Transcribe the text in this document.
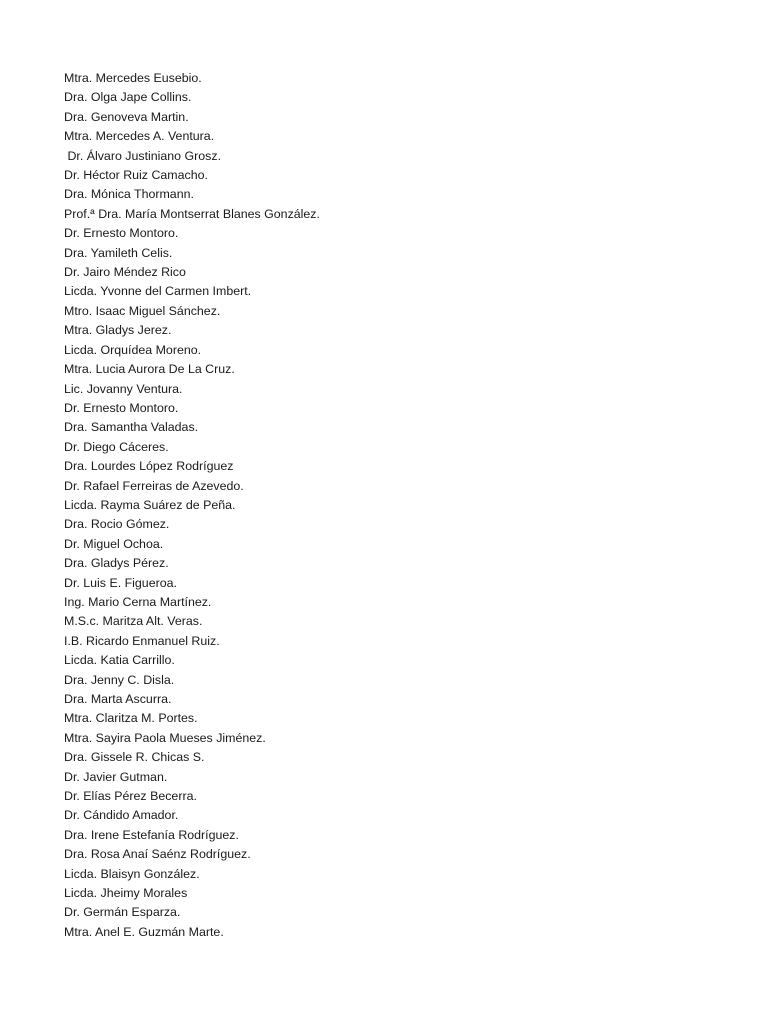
Mtra. Mercedes Eusebio.
Dra. Olga Jape Collins.
Dra. Genoveva Martin.
Mtra. Mercedes A. Ventura.
Dr. Álvaro Justiniano Grosz.
Dr. Héctor Ruiz Camacho.
Dra. Mónica Thormann.
Prof.ª Dra. María Montserrat Blanes González.
Dr. Ernesto Montoro.
Dra. Yamileth Celis.
Dr. Jairo Méndez Rico
Licda. Yvonne del Carmen Imbert.
Mtro. Isaac Miguel Sánchez.
Mtra. Gladys Jerez.
Licda. Orquídea Moreno.
Mtra. Lucia Aurora De La Cruz.
Lic. Jovanny Ventura.
Dr. Ernesto Montoro.
Dra. Samantha Valadas.
Dr. Diego Cáceres.
Dra. Lourdes López Rodríguez
Dr. Rafael Ferreiras de Azevedo.
Licda. Rayma Suárez de Peña.
Dra. Rocio Gómez.
Dr. Miguel Ochoa.
Dra. Gladys Pérez.
Dr. Luis E. Figueroa.
Ing. Mario Cerna Martínez.
M.S.c. Maritza Alt. Veras.
I.B. Ricardo Enmanuel Ruiz.
Licda. Katia Carrillo.
Dra. Jenny C. Disla.
Dra. Marta Ascurra.
Mtra. Claritza M. Portes.
Mtra. Sayira Paola Mueses Jiménez.
Dra. Gissele R. Chicas S.
Dr. Javier Gutman.
Dr. Elías Pérez Becerra.
Dr. Cándido Amador.
Dra. Irene Estefanía Rodríguez.
Dra. Rosa Anaí Saénz Rodríguez.
Licda. Blaisyn González.
Licda. Jheimy Morales
Dr. Germán Esparza.
Mtra. Anel E. Guzmán Marte.
